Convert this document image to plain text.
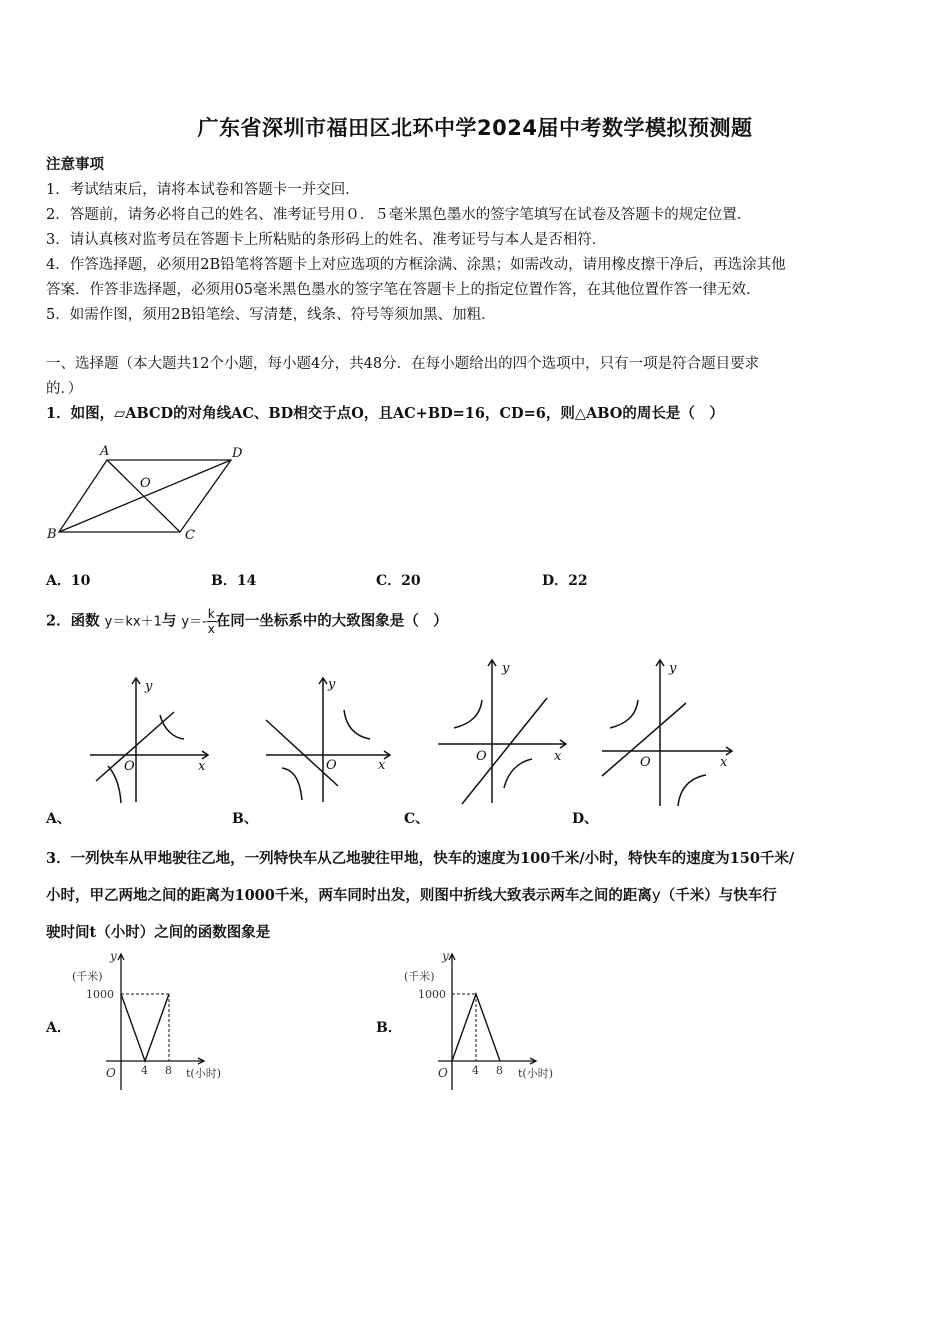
广东省深圳市福田区北环中学2024届中考数学模拟预测题
注意事项
1．考试结束后，请将本试卷和答题卡一并交回．
2．答题前，请务必将自己的姓名、准考证号用０．５毫米黑色墨水的签字笔填写在试卷及答题卡的规定位置．
3．请认真核对监考员在答题卡上所粘贴的条形码上的姓名、准考证号与本人是否相符．
4．作答选择题，必须用2B铅笔将答题卡上对应选项的方框涂满、涂黑；如需改动，请用橡皮擦干净后，再选涂其他
答案．作答非选择题，必须用05毫米黑色墨水的签字笔在答题卡上的指定位置作答，在其他位置作答一律无效．
5．如需作图，须用2B铅笔绘、写清楚，线条、符号等须加黑、加粗．
一、选择题（本大题共12个小题，每小题4分，共48分．在每小题给出的四个选项中，只有一项是符合题目要求
的．）
1．如图，▱ABCD的对角线AC、BD相交于点O，且AC+BD=16，CD=6，则△ABO的周长是（　）
A	D
B	C
O
A．10	B．14	C．20	D．22
2．函数 y＝kx＋1与 $y=- \frac{k}{x}$ 在同一坐标系中的大致图象是（　）
x
y
O	x
y
O
x
y
O	x
y
O
A、	B、	C、	D、
3．一列快车从甲地驶往乙地，一列特快车从乙地驶往甲地，快车的速度为100千米/小时，特快车的速度为150千米/
小时，甲乙两地之间的距离为1000千米，两车同时出发，则图中折线大致表示两车之间的距离y（千米）与快车行
驶时间t（小时）之间的函数图象是
A．
y
(千米)
1000
O 4 8 t(小时)
B．
y
(千米)
1000
O 4 8 t(小时)
